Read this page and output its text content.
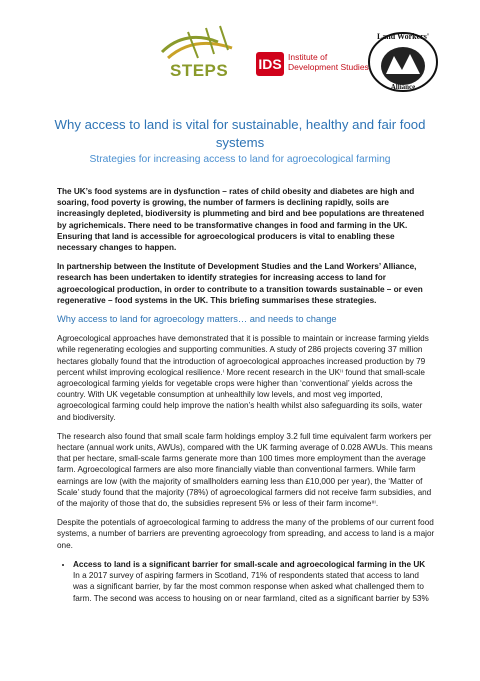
STEPS IDS Institute of
Development Studies
Land Workers'
Alliance
Why access to land is vital for sustainable, healthy and fair food systems
Strategies for increasing access to land for agroecological farming

The UK’s food systems are in dysfunction – rates of child obesity and diabetes are high and soaring, food poverty is growing, the number of farmers is declining rapidly, soils are increasingly depleted, biodiversity is plummeting and bird and bee populations are threatened by agrichemicals. There need to be transformative changes in food and farming in the UK. Ensuring that land is accessible for agroecological producers is vital to enabling these necessary changes to happen.

In partnership between the Institute of Development Studies and the Land Workers’ Alliance, research has been undertaken to identify strategies for increasing access to land for agroecological production, in order to contribute to a transition towards sustainable – or even regenerative – food systems in the UK. This briefing summarises these strategies.

Why access to land for agroecology matters… and needs to change

Agroecological approaches have demonstrated that it is possible to maintain or increase farming yields while regenerating ecologies and supporting communities. A study of 286 projects covering 37 million hectares globally found that the introduction of agroecological approaches increased production by 79 percent whilst improving ecological resilience.ⁱ More recent research in the UKⁱⁱ found that small-scale agroecological farming yields for vegetable crops were higher than ‘conventional’ yields across the country. With UK vegetable consumption at unhealthily low levels, and most veg imported, agroecological farming could help improve the nation’s health whilst also safeguarding its soils, water and biodiversity.

The research also found that small scale farm holdings employ 3.2 full time equivalent farm workers per hectare (annual work units, AWUs), compared with the UK farming average of 0.028 AWUs. This means that per hectare, small-scale farms generate more than 100 times more employment than the average farm. Agroecological farmers are also more financially viable than conventional farmers. While farm earnings are low (with the majority of smallholders earning less than £10,000 per year), the ‘Matter of Scale’ study found that the majority (78%) of agroecological farmers did not receive farm subsidies, and of the majority of those that do, the subsidies represent 5% or less of their farm incomeⁱⁱⁱ.

Despite the potentials of agroecological farming to address the many of the problems of our current food systems, a number of barriers are preventing agroecology from spreading, and access to land is a major one.

• Access to land is a significant barrier for small-scale and agroecological farming in the UK
In a 2017 survey of aspiring farmers in Scotland, 71% of respondents stated that access to land was a significant barrier, by far the most common response when asked what challenged them to farm. The second was access to housing on or near farmland, cited as a significant barrier by 53%
